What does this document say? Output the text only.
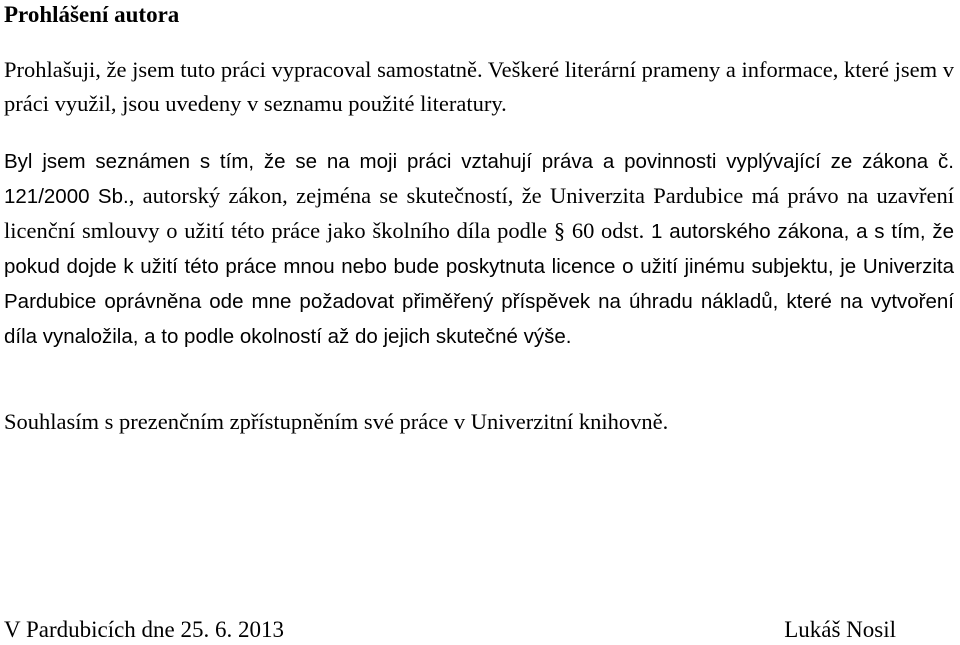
Prohlášení autora

Prohlašuji, že jsem tuto práci vypracoval samostatně. Veškeré literární prameny a informace, které jsem v práci využil, jsou uvedeny v seznamu použité literatury.

Byl jsem seznámen s tím, že se na moji práci vztahují práva a povinnosti vyplývající ze zákona č. 121/2000 Sb., autorský zákon, zejména se skutečností, že Univerzita Pardubice má právo na uzavření licenční smlouvy o užití této práce jako školního díla podle § 60 odst. 1 autorského zákona, a s tím, že pokud dojde k užití této práce mnou nebo bude poskytnuta licence o užití jinému subjektu, je Univerzita Pardubice oprávněna ode mne požadovat přiměřený příspěvek na úhradu nákladů, které na vytvoření díla vynaložila, a to podle okolností až do jejich skutečné výše.

Souhlasím s prezenčním zpřístupněním své práce v Univerzitní knihovně.

V Pardubicích dne 25. 6. 2013	Lukáš Nosil
